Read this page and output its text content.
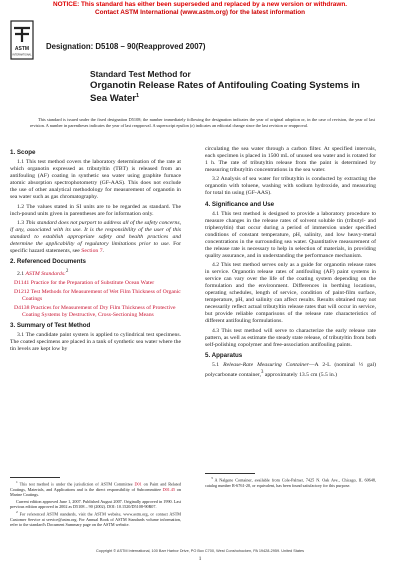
NOTICE: This standard has either been superseded and replaced by a new version or withdrawn.
Contact ASTM International (www.astm.org) for the latest information
ASTM
INTERNATIONAL
Designation: D5108 – 90(Reapproved 2007)
Standard Test Method for
Organotin Release Rates of Antifouling Coating Systems in
Sea Water$^1$
This standard is issued under the fixed designation D5108; the number immediately following the designation indicates the year of original adoption or, in the case of revision, the year of last revision. A number in parentheses indicates the year of last reapproval. A superscript epsilon (ε) indicates an editorial change since the last revision or reapproval.
1. Scope

1.1 This test method covers the laboratory determination of the rate at which organotin expressed as tributyltin (TBT) is released from an antifouling (AF) coating in synthetic sea water using graphite furnace atomic absorption spectrophotometry (GF-AAS). This does not exclude the use of other analytical methodology for measurement of organotin in sea water such as gas chromatography.

1.2 The values stated in SI units are to be regarded as standard. The inch-pound units given in parentheses are for information only.

1.3 This standard does not purport to address all of the safety concerns, if any, associated with its use. It is the responsibility of the user of this standard to establish appropriate safety and health practices and determine the applicability of regulatory limitations prior to use. For specific hazard statements, see Section 7.

2. Referenced Documents

2.1 ASTM Standards:$^2$

D1141 Practice for the Preparation of Substitute Ocean Water
D1212 Test Methods for Measurement of Wet Film Thickness of Organic Coatings
D4138 Practices for Measurement of Dry Film Thickness of Protective Coating Systems by Destructive, Cross-Sectioning Means
3. Summary of Test Method

3.1 The candidate paint system is applied to cylindrical test specimens. The coated specimens are placed in a tank of synthetic sea water where the tin levels are kept low by

circulating the sea water through a carbon filter. At specified intervals, each specimen is placed in 1500 mL of unused sea water and is rotated for 1 h. The rate of tributyltin release from the paint is determined by measuring tributyltin concentrations in the sea water.

3.2 Analysis of sea water for tributyltin is conducted by extracting the organotin with toluene, washing with sodium hydroxide, and measuring for total tin using (GF-AAS).

4. Significance and Use

4.1 This test method is designed to provide a laboratory procedure to measure changes in the release rates of solvent soluble tin (tributyl- and triphenyltin) that occur during a period of immersion under specified conditions of constant temperature, pH, salinity, and low heavy-metal concentrations in the surrounding sea water. Quantitative measurement of the release rate is necessary to help in selection of materials, in providing quality assurance, and in understanding the performance mechanism.

4.2 This test method serves only as a guide for organotin release rates in service. Organotin release rates of antifouling (AF) paint systems in service can vary over the life of the coating system depending on the formulation and the environment. Differences in berthing locations, operating schedules, length of service, condition of paint-film surface, temperature, pH, and salinity can affect results. Results obtained may not necessarily reflect actual tributyltin release rates that will occur in service, but provide reliable comparisons of the release rate characteristics of different antifouling formulations.

4.3 This test method will serve to characterize the early release rate pattern, as well as estimate the steady state release, of tributyltin from both self-polishing copolymer and free-association antifouling paints.

5. Apparatus

5.1 Release-Rate Measuring Container—A 2-L (nominal ½ gal) polycarbonate container,$^3$ approximately 13.5 cm (5.5 in.)

$^1$ This test method is under the jurisdiction of ASTM Committee D01 on Paint and Related Coatings, Materials, and Applications and is the direct responsibility of Subcommittee D01.45 on Marine Coatings.

Current edition approved June 1, 2007. Published August 2007. Originally approved in 1990. Last previous edition approved in 2002 as D5108 – 90 (2002). DOI: 10.1520/D5108-90R07.

$^2$ For referenced ASTM standards, visit the ASTM website, www.astm.org, or contact ASTM Customer Service at service@astm.org. For Annual Book of ASTM Standards volume information, refer to the standard's Document Summary page on the ASTM website.

$^3$ A Nalgene Container, available from Cole-Palmer, 7425 N. Oak Ave., Chicago, IL 60648, catalog number R-6761-20, or equivalent, has been found satisfactory for this purpose.

Copyright © ASTM International, 100 Barr Harbor Drive, PO Box C700, West Conshohocken, PA 19428-2959. United States
1
